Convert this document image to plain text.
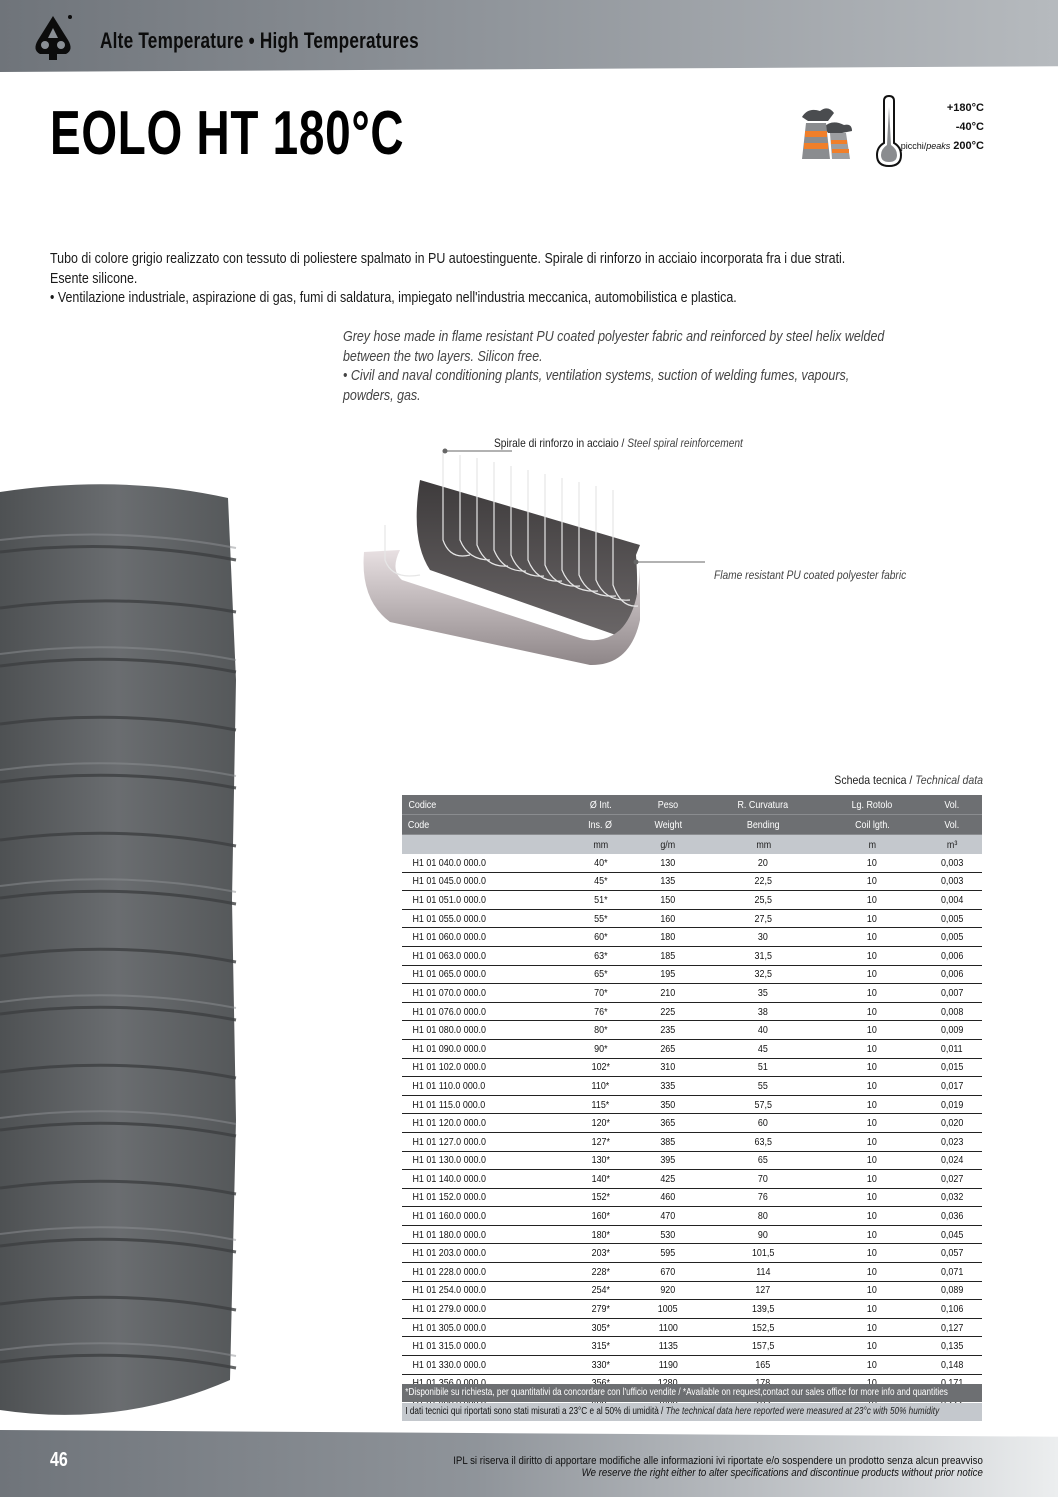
Alte Temperature • High Temperatures
EOLO HT 180°C	+180°C
-40°C
picchi/peaks 200°C
Tubo di colore grigio realizzato con tessuto di poliestere spalmato in PU autoestinguente. Spirale di rinforzo in acciaio incorporata fra i due strati.
Esente silicone.
• Ventilazione industriale, aspirazione di gas, fumi di saldatura, impiegato nell'industria meccanica, automobilistica e plastica.
Grey hose made in flame resistant PU coated polyester fabric and reinforced by steel helix welded
between the two layers. Silicon free.
• Civil and naval conditioning plants, ventilation systems, suction of welding fumes, vapours,
powders, gas.
Spirale di rinforzo in acciaio / Steel spiral reinforcement
Flame resistant PU coated polyester fabric
Scheda tecnica / Technical data
Codice	Ø Int.	Peso	R. Curvatura	Lg. Rotolo	Vol.
Code	Ins. Ø	Weight	Bending	Coil lgth.	Vol.
	mm	g/m	mm	m	m³
H1 01 040.0 000.0	40*	130	20	10	0,003
H1 01 045.0 000.0	45*	135	22,5	10	0,003
H1 01 051.0 000.0	51*	150	25,5	10	0,004
H1 01 055.0 000.0	55*	160	27,5	10	0,005
H1 01 060.0 000.0	60*	180	30	10	0,005
H1 01 063.0 000.0	63*	185	31,5	10	0,006
H1 01 065.0 000.0	65*	195	32,5	10	0,006
H1 01 070.0 000.0	70*	210	35	10	0,007
H1 01 076.0 000.0	76*	225	38	10	0,008
H1 01 080.0 000.0	80*	235	40	10	0,009
H1 01 090.0 000.0	90*	265	45	10	0,011
H1 01 102.0 000.0	102*	310	51	10	0,015
H1 01 110.0 000.0	110*	335	55	10	0,017
H1 01 115.0 000.0	115*	350	57,5	10	0,019
H1 01 120.0 000.0	120*	365	60	10	0,020
H1 01 127.0 000.0	127*	385	63,5	10	0,023
H1 01 130.0 000.0	130*	395	65	10	0,024
H1 01 140.0 000.0	140*	425	70	10	0,027
H1 01 152.0 000.0	152*	460	76	10	0,032
H1 01 160.0 000.0	160*	470	80	10	0,036
H1 01 180.0 000.0	180*	530	90	10	0,045
H1 01 203.0 000.0	203*	595	101,5	10	0,057
H1 01 228.0 000.0	228*	670	114	10	0,071
H1 01 254.0 000.0	254*	920	127	10	0,089
H1 01 279.0 000.0	279*	1005	139,5	10	0,106
H1 01 305.0 000.0	305*	1100	152,5	10	0,127
H1 01 315.0 000.0	315*	1135	157,5	10	0,135
H1 01 330.0 000.0	330*	1190	165	10	0,148

*Disponibile su richiesta, per quantitativi da concordare con l'ufficio vendite / *Available on request,contact our sales office for more info and quantities
I dati tecnici qui riportati sono stati misurati a 23°C e al 50% di umidità / The technical data here reported were measured at 23°c with 50% humidity
46	IPL si riserva il diritto di apportare modifiche alle informazioni ivi riportate e/o sospendere un prodotto senza alcun preavviso
We reserve the right either to alter specifications and discontinue products without prior notice
